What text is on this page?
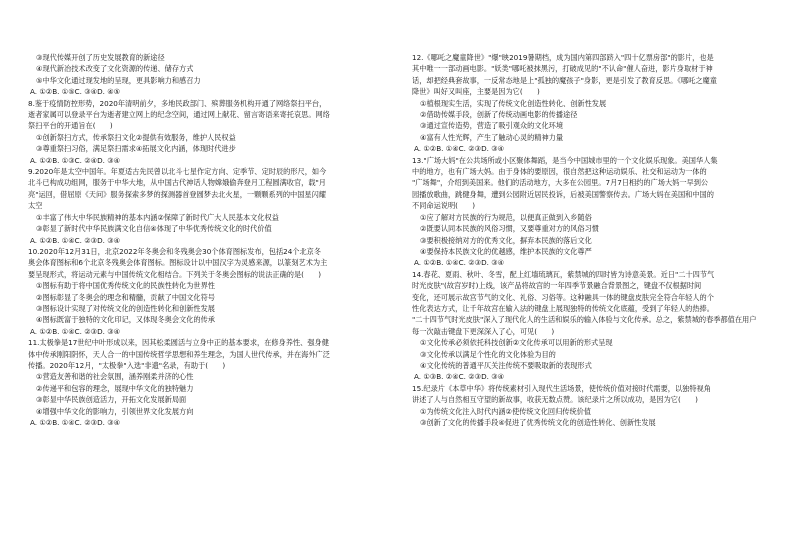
③现代传媒开创了历史发展教育的新途径
④现代新冶技术改变了文化资源的传递、储存方式
⑤中华文化通过现发地的呈现，更具影响力和感召力
A. ①②B. ①⑤C. ③④D. ④⑤
8.鉴于疫情防控形势，2020年清明前夕，多地民政部门、殡葬服务机构开通了网络祭扫平台，
逝者家属可以登录平台为逝者建立网上的纪念空间，通过网上献花、留言寄语来寄托哀思。网络
祭扫平台的开通旨在(　　)
①创新祭扫方式，传承祭扫文化②提供有效服务，维护人民权益
③尊重祭扫习俗，满足祭扫需求④拓展文化内涵，体现时代进步
A. ①②B. ①③C. ②④D. ③④
9.2020年是太空中国年。年夏适古先民曾以北斗七星作定方向、定季节、定时辰的形尺，如今
北斗已构成功组网，服务于中华大地，从中国古代神话人物嫦娥偷奔登月工程圆满收官，载"月
亮"运回，借屈原《天问》服务探索多梦的探测器首登圆梦去北火星，一颗颗系列的中国星闪耀
太空
①丰富了伟大中华民族精神的基本内涵②保障了新时代广大人民基本文化权益
③彰显了新时代中华民族满文化自信④体现了中华优秀传统文化的时代价值
A. ①②B. ①④C. ②③D. ③④
10.2020年12月31日，北京2022年冬奥会和冬残奥会30个体育图标发布，包括24个北京冬
奥会体育图标和6个北京冬残奥会体育图标。图标设计以中国汉字为灵感来源，以篆刻艺术为主
要呈现形式，将运动元素与中国传统文化相结合。下列关于冬奥会图标的说法正确的是(　　)
①图标有助于将中国优秀传统文化的民族性转化为世界性
②图标彰显了冬奥会的理念和精髓，贡献了中国文化符号
③图标设计实现了对传统文化的创造性转化和创新性发展
④图标既富于独特的文化印记，又体现冬奥会文化的传承
A. ①②B. ①④C. ②③D. ③④
11.太极拳是17世纪中叶形成以来，因其松柔圆活与立身中正的基本要求，在修身养性、强身健
体中传承刚阳阴怀，天人合一的中国传统哲学思想和养生理念，为国人世代传承，并在海外广泛
传播。2020年12月，"太极拳"入选"非遗"名录，有助于(　　)
①营造友善和谐的社会氛围，涵养刚柔并济的心性
②传递平和包容的理念，展现中华文化的独特魅力
③彰显中华民族创造活力，开拓文化发展新局面
④增强中华文化的影响力，引领世界文化发展方向
A. ①②B. ①④C. ②③D. ③④
12.《哪吒之魔童降世》"爆"映2019暑期档，成为国内第四部跻入"四十亿票房部"的影片，也是
其中唯一一部动画电影。"妖类"哪吒被抹黑污，打破成见的"不认命"催人奋进，影片身取材于神
话，却把经典套故事，一反常态地是上"孤独的魔孩子"身影，更是引发了教育反思。《哪吒之魔童
降世》叫好又叫座，主要是因为它(　　)
①植根现实生活，实现了传统文化创造性转化、创新性发展
②借助传媒手段，创新了传统动画电影的传播途径
③通过宣传造势，营造了吸引观众的文化环境
④富有人性光辉，产生了触动心灵的精神力量
A. ①②B. ①④C. ②③D. ③④
13."广场大妈"在公共场所或小区聚体舞蹈，是当今中国城市里的一个文化娱乐现象。美国华人集
中的地方，也有广场大妈。由于身体的要原因，很自然把这种运动娱乐、社交和运动为一体的
"广场舞"，介绍到美国来。他们的活动地方，大多在公园里。7月7日相约的广场大妈一早到公
园播放歌曲，跳健身舞，遭到公园附近居民投诉，后被美国警察传去。广场大妈在美国和中国的
不同命运说明(　　)
①应了解对方民族的行为规范，以便真正做到入乡随俗
②既要认同本民族的风俗习惯，又要尊重对方的风俗习惯
③要积极接纳对方的优秀文化，摒弃本民族的落后文化
④要保持本民族文化的优越感，维护本民族的文化尊严
A. ①②B. ①④C. ②③D. ③④
14.春花、夏雨、秋叶、冬雪，配上红墙琉璃瓦，紫禁城的四时皆为诗意美景。近日"二十四节气
时光皮肤"(故宫岁时)上线，该产品将故宫的一年四季节景融合背景图之，键盘不仅根据时间
变化，还可展示故宫节气的文化、礼俗、习俗等。这种融具一体的键盘皮肤完全符合年轻人的个
性化表达方式，让千年故宫在输入法的键盘上展现独特的传统文化底蕴，受到了年轻人的热捧。
"二十四节气时光皮肤"深入了现代化人的生活和娱乐的输入体验与文化传承。总之，紫禁城的春季都值在用户
每一次敲击键盘下更深深入了心，可见(　　)
①文化传承必须依托科技创新②文化传承可以用新的形式呈现
③文化传承以满足个性化的文化体验为目的
④文化传统的普通平仄关注传统不要吸取新的表现形式
A. ①③B. ②④C. ②③D. ③④
15.纪录片《本草中华》将传统素材引入现代生活场景，使传统价值对接时代需要，以独特视角
讲述了人与自然相互守望的新故事，收获无数点赞。该纪录片之所以成功，是因为它(　　)
①为传统文化注入时代内涵②使传统文化回归传统价值
③创新了文化的传播手段④促进了优秀传统文化的创造性转化、创新性发展
